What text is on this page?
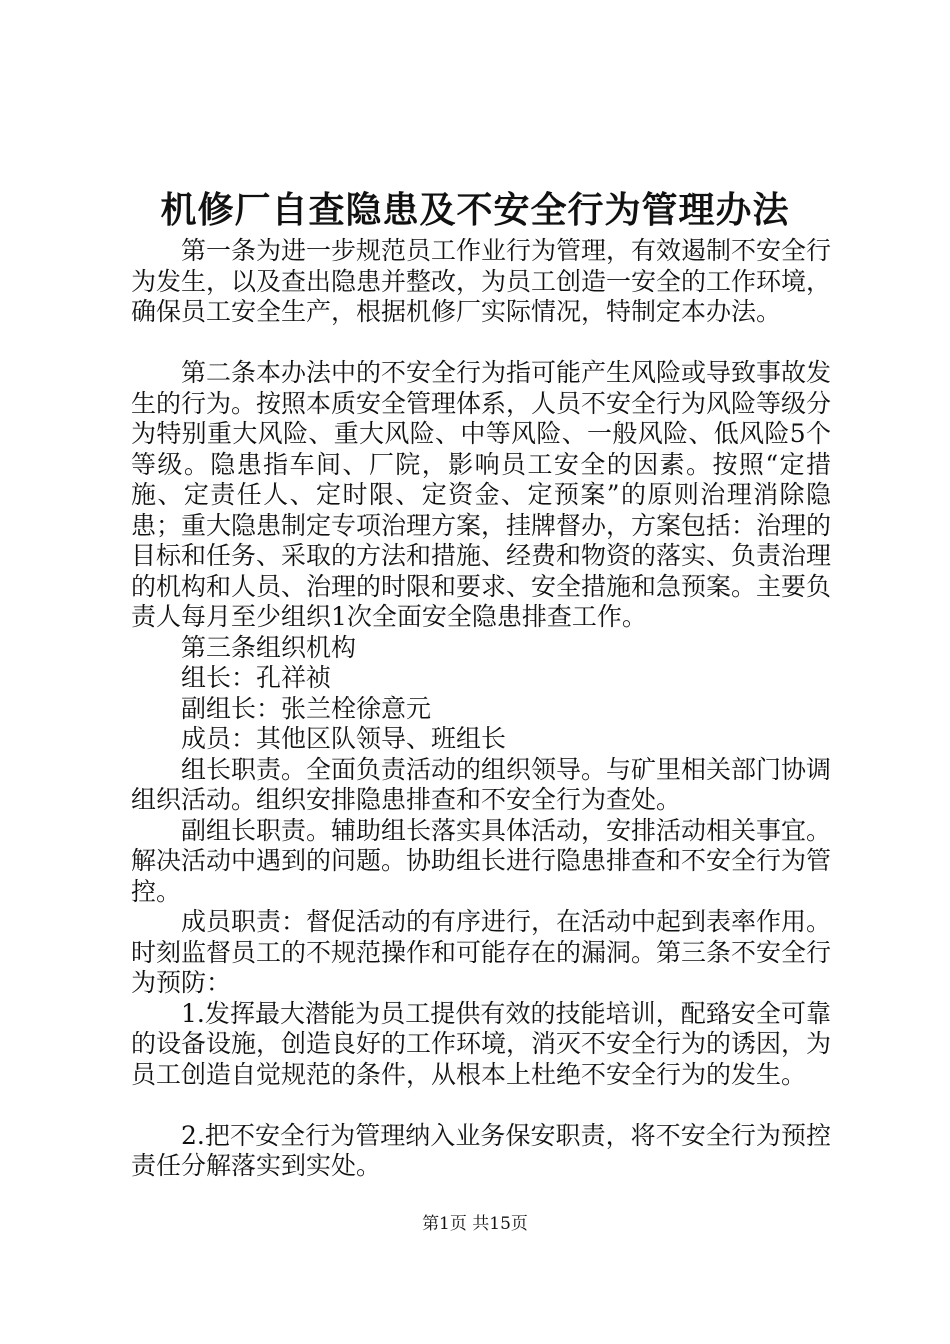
机修厂自查隐患及不安全行为管理办法

第一条为进一步规范员工作业行为管理，有效遏制不安全行为发生，以及查出隐患并整改，为员工创造一安全的工作环境，确保员工安全生产，根据机修厂实际情况，特制定本办法。

第二条本办法中的不安全行为指可能产生风险或导致事故发生的行为。按照本质安全管理体系，人员不安全行为风险等级分为特别重大风险、重大风险、中等风险、一般风险、低风险5个等级。隐患指车间、厂院，影响员工安全的因素。按照“定措施、定责任人、定时限、定资金、定预案”的原则治理消除隐患；重大隐患制定专项治理方案，挂牌督办，方案包括：治理的目标和任务、采取的方法和措施、经费和物资的落实、负责治理的机构和人员、治理的时限和要求、安全措施和急预案。主要负责人每月至少组织1次全面安全隐患排查工作。

第三条组织机构

组长：孔祥祯

副组长：张兰栓徐意元

成员：其他区队领导、班组长

组长职责。全面负责活动的组织领导。与矿里相关部门协调组织活动。组织安排隐患排查和不安全行为查处。

副组长职责。辅助组长落实具体活动，安排活动相关事宜。解决活动中遇到的问题。协助组长进行隐患排查和不安全行为管控。

成员职责：督促活动的有序进行，在活动中起到表率作用。时刻监督员工的不规范操作和可能存在的漏洞。第三条不安全行为预防：

1.发挥最大潜能为员工提供有效的技能培训，配臵安全可靠的设备设施，创造良好的工作环境，消灭不安全行为的诱因，为员工创造自觉规范的条件，从根本上杜绝不安全行为的发生。

2.把不安全行为管理纳入业务保安职责，将不安全行为预控责任分解落实到实处。

第1页 共15页
